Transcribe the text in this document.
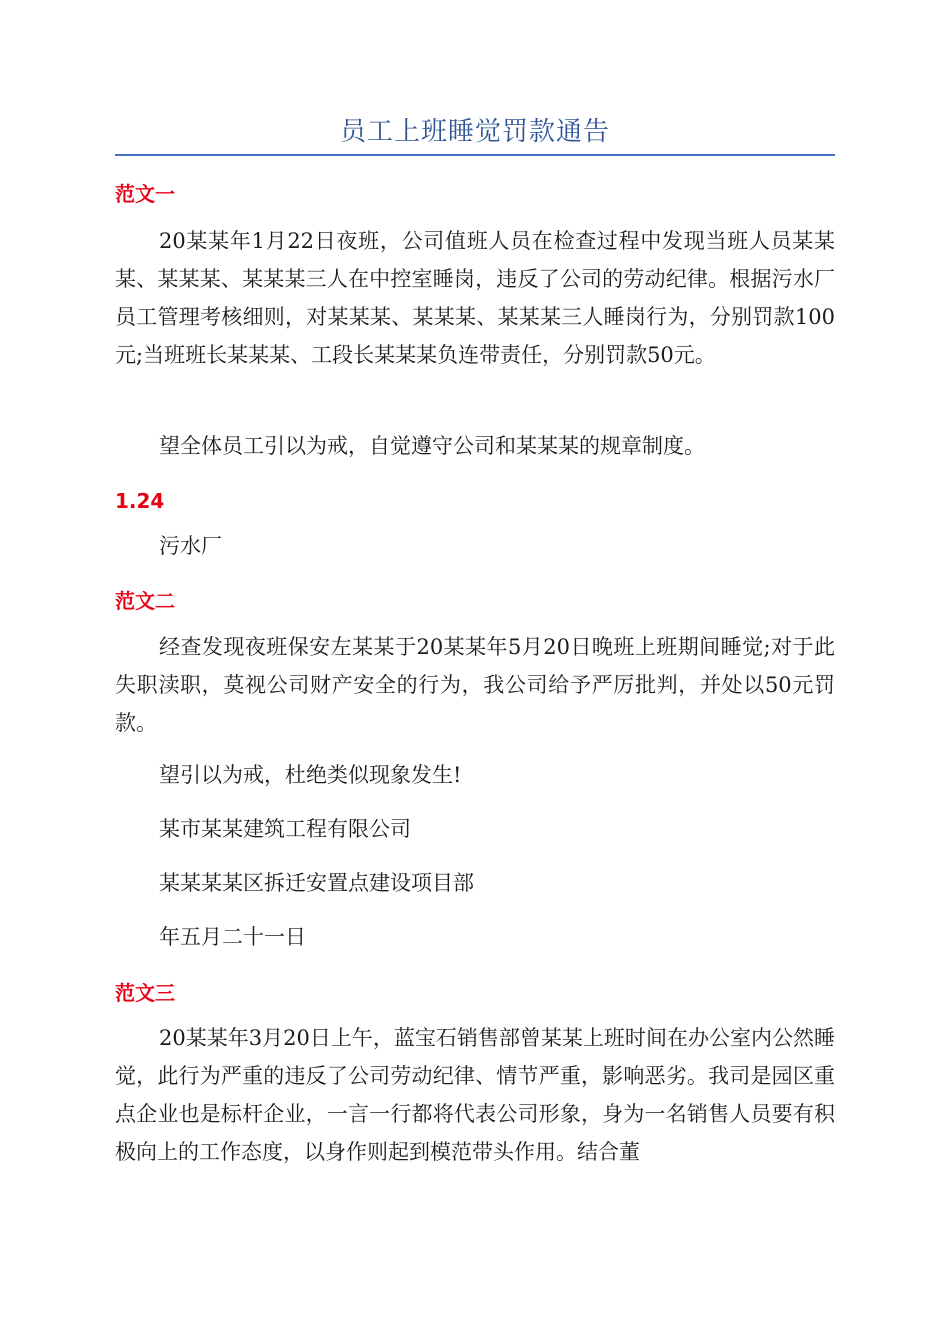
员工上班睡觉罚款通告
范文一

20某某年1月22日夜班，公司值班人员在检查过程中发现当班人员某某某、某某某、某某某三人在中控室睡岗，违反了公司的劳动纪律。根据污水厂员工管理考核细则，对某某某、某某某、某某某三人睡岗行为，分别罚款100元;当班班长某某某、工段长某某某负连带责任，分别罚款50元。

望全体员工引以为戒，自觉遵守公司和某某某的规章制度。

1.24
污水厂
范文二

经查发现夜班保安左某某于20某某年5月20日晚班上班期间睡觉;对于此失职渎职，莫视公司财产安全的行为，我公司给予严厉批判，并处以50元罚款。

望引以为戒，杜绝类似现象发生!
某市某某建筑工程有限公司
某某某某区拆迁安置点建设项目部
年五月二十一日
范文三

20某某年3月20日上午，蓝宝石销售部曾某某上班时间在办公室内公然睡觉，此行为严重的违反了公司劳动纪律、情节严重，影响恶劣。我司是园区重点企业也是标杆企业，一言一行都将代表公司形象，身为一名销售人员要有积极向上的工作态度，以身作则起到模范带头作用。结合董
